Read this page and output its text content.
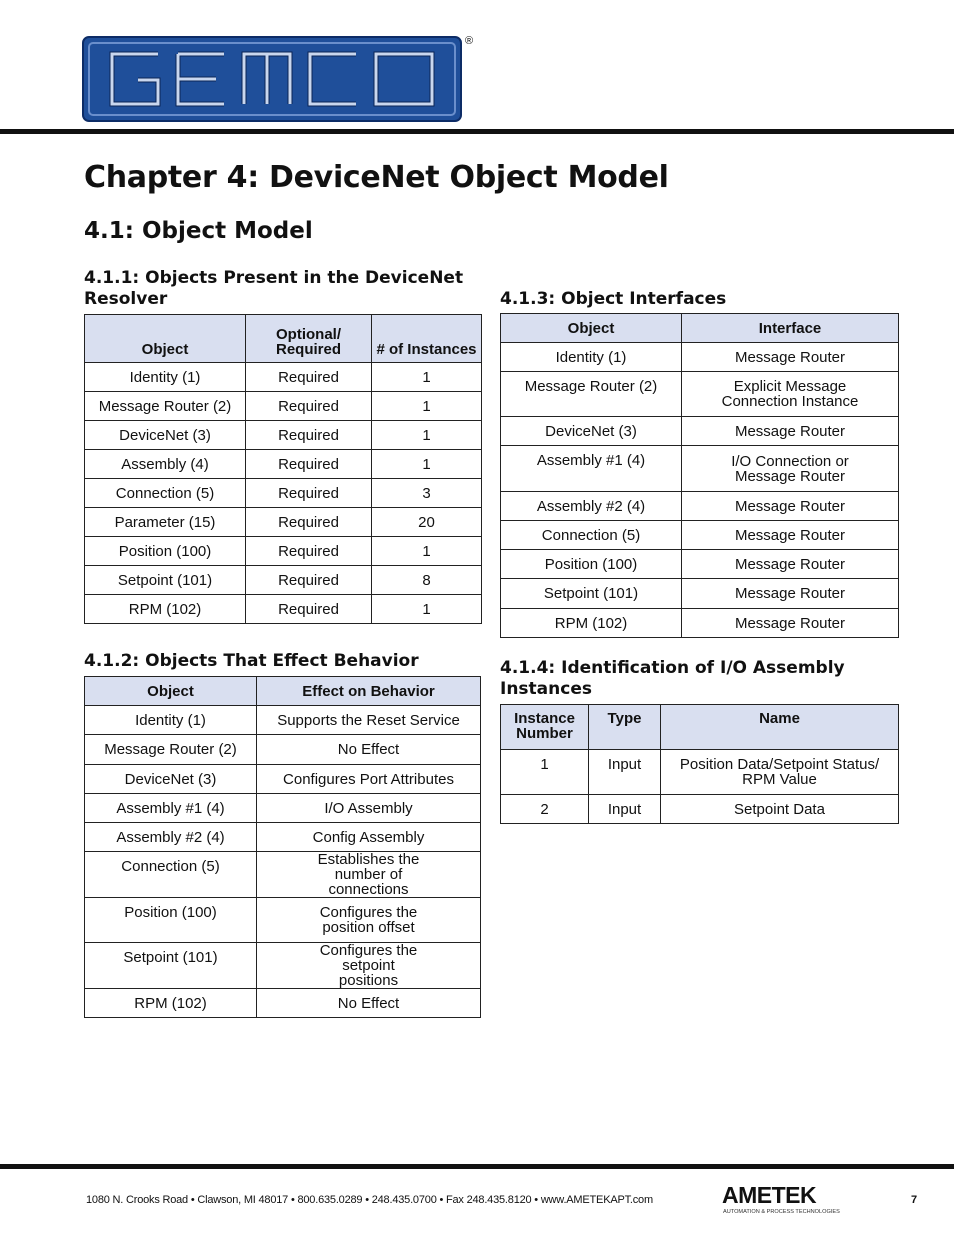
®
Chapter 4: DeviceNet Object Model
4.1: Object Model
4.1.1: Objects Present in the DeviceNet Resolver
Object	Optional/ Required	# of Instances
Identity (1)	Required	1
Message Router (2)	Required	1
DeviceNet (3)	Required	1
Assembly (4)	Required	1
Connection (5)	Required	3
Parameter (15)	Required	20
Position (100)	Required	1
Setpoint (101)	Required	8
RPM (102)	Required	1
4.1.2: Objects That Effect Behavior
Object	Effect on Behavior
Identity (1)	Supports the Reset Service
Message Router (2)	No Effect
DeviceNet (3)	Configures Port Attributes
Assembly #1 (4)	I/O Assembly
Assembly #2 (4)	Config Assembly
Connection (5)	Establishes the number of connections
Position (100)	Configures the position offset
Setpoint (101)	Configures the setpoint positions
RPM (102)	No Effect
4.1.3: Object Interfaces
Object	Interface
Identity (1)	Message Router
Message Router (2)	Explicit Message Connection Instance
DeviceNet (3)	Message Router
Assembly #1 (4)	I/O Connection or Message Router
Assembly #2 (4)	Message Router
Connection (5)	Message Router
Position (100)	Message Router
Setpoint (101)	Message Router
RPM (102)	Message Router
4.1.4: Identification of I/O Assembly Instances
Instance Number	Type	Name
1	Input	Position Data/Setpoint Status/ RPM Value
2	Input	Setpoint Data
1080 N. Crooks Road • Clawson, MI 48017 • 800.635.0289 • 248.435.0700 • Fax 248.435.8120 • www.AMETEKAPT.com	AMETEK
AUTOMATION & PROCESS TECHNOLOGIES
7
